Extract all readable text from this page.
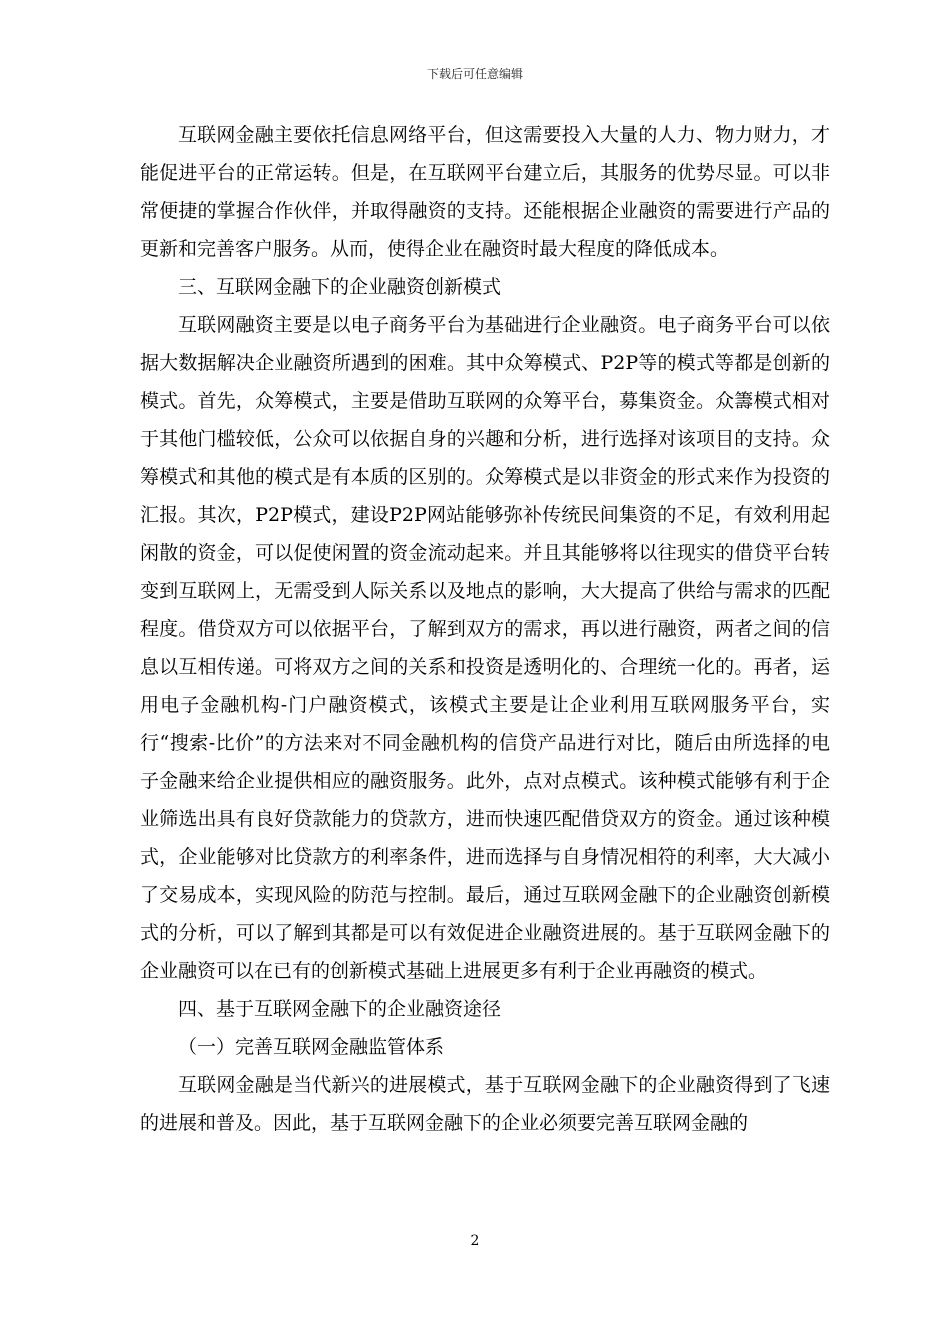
下载后可任意编辑

互联网金融主要依托信息网络平台，但这需要投入大量的人力、物力财力，才能促进平台的正常运转。但是，在互联网平台建立后，其服务的优势尽显。可以非常便捷的掌握合作伙伴，并取得融资的支持。还能根据企业融资的需要进行产品的更新和完善客户服务。从而，使得企业在融资时最大程度的降低成本。

三、互联网金融下的企业融资创新模式

互联网融资主要是以电子商务平台为基础进行企业融资。电子商务平台可以依据大数据解决企业融资所遇到的困难。其中众筹模式、P2P等的模式等都是创新的模式。首先，众筹模式，主要是借助互联网的众筹平台，募集资金。众籌模式相对于其他门槛较低，公众可以依据自身的兴趣和分析，进行选择对该项目的支持。众筹模式和其他的模式是有本质的区别的。众筹模式是以非资金的形式来作为投资的汇报。其次，P2P模式，建设P2P网站能够弥补传统民间集资的不足，有效利用起闲散的资金，可以促使闲置的资金流动起来。并且其能够将以往现实的借贷平台转变到互联网上，无需受到人际关系以及地点的影响，大大提高了供给与需求的匹配程度。借贷双方可以依据平台，了解到双方的需求，再以进行融资，两者之间的信息以互相传递。可将双方之间的关系和投资是透明化的、合理统一化的。再者，运用电子金融机构-门户融资模式，该模式主要是让企业利用互联网服务平台，实行“搜索-比价”的方法来对不同金融机构的信贷产品进行对比，随后由所选择的电子金融来给企业提供相应的融资服务。此外，点对点模式。该种模式能够有利于企业筛选出具有良好贷款能力的贷款方，进而快速匹配借贷双方的资金。通过该种模式，企业能够对比贷款方的利率条件，进而选择与自身情况相符的利率，大大减小了交易成本，实现风险的防范与控制。最后，通过互联网金融下的企业融资创新模式的分析，可以了解到其都是可以有效促进企业融资进展的。基于互联网金融下的企业融资可以在已有的创新模式基础上进展更多有利于企业再融资的模式。

四、基于互联网金融下的企业融资途径

（一）完善互联网金融监管体系

互联网金融是当代新兴的进展模式，基于互联网金融下的企业融资得到了飞速的进展和普及。因此，基于互联网金融下的企业必须要完善互联网金融的

2
